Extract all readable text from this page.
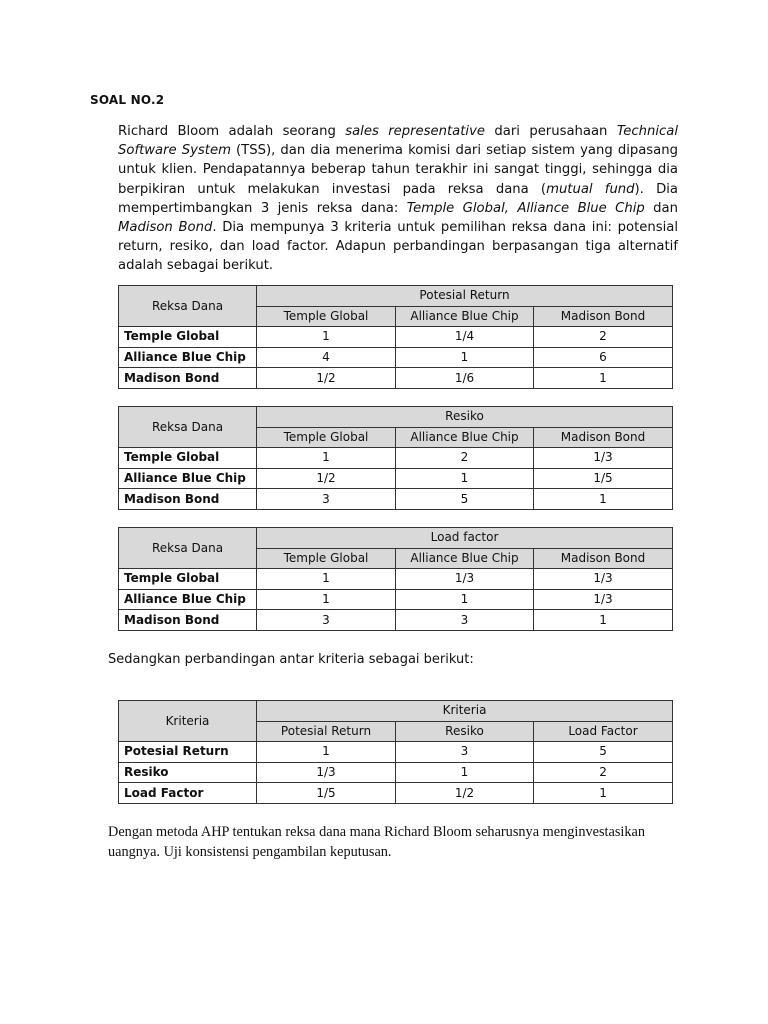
SOAL NO.2
Richard Bloom adalah seorang sales representative dari perusahaan Technical Software System (TSS), dan dia menerima komisi dari setiap sistem yang dipasang untuk klien. Pendapatannya beberap tahun terakhir ini sangat tinggi, sehingga dia berpikiran untuk melakukan investasi pada reksa dana (mutual fund). Dia mempertimbangkan 3 jenis reksa dana: Temple Global, Alliance Blue Chip dan Madison Bond. Dia mempunya 3 kriteria untuk pemilihan reksa dana ini: potensial return, resiko, dan load factor. Adapun perbandingan berpasangan tiga alternatif adalah sebagai berikut.
Reksa Dana	Potesial Return		
	Temple Global	Alliance Blue Chip	Madison Bond
Temple Global	1	1/4	2
Alliance Blue Chip	4	1	6
Madison Bond	1/2	1/6	1
Reksa Dana	Resiko		
	Temple Global	Alliance Blue Chip	Madison Bond
Temple Global	1	2	1/3
Alliance Blue Chip	1/2	1	1/5
Madison Bond	3	5	1
Reksa Dana	Load factor		
	Temple Global	Alliance Blue Chip	Madison Bond
Temple Global	1	1/3	1/3
Alliance Blue Chip	1	1	1/3
Madison Bond	3	3	1
Sedangkan perbandingan antar kriteria sebagai berikut:
Kriteria	Kriteria		
	Potesial Return	Resiko	Load Factor
Potesial Return	1	3	5
Resiko	1/3	1	2
Load Factor	1/5	1/2	1
Dengan metoda AHP tentukan reksa dana mana Richard Bloom seharusnya menginvestasikan uangnya. Uji konsistensi pengambilan keputusan.
